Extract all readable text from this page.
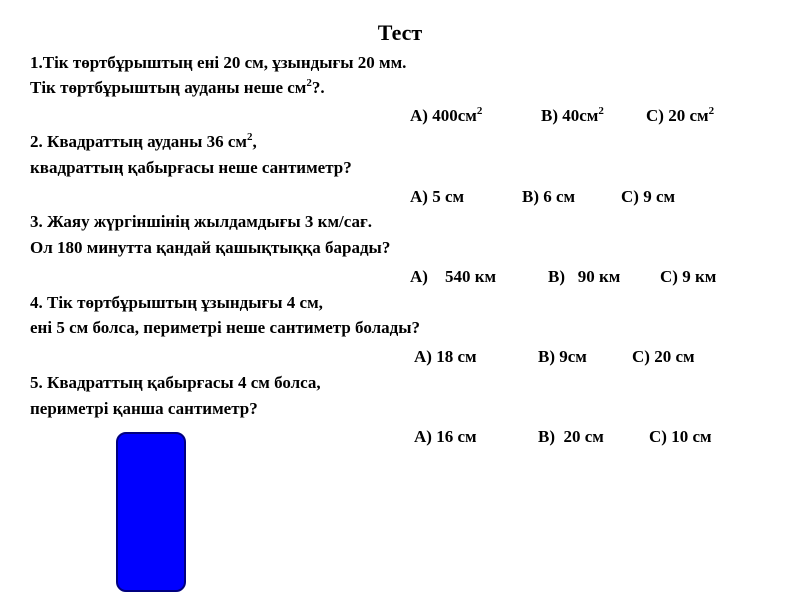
Тест
1.Тік төртбұрыштың ені 20 см, ұзындығы 20 мм.
Тік төртбұрыштың ауданы неше $см^2$?.
А) $400см^2$	В) $40см^2$ С) 20 $см^2$
2. Квадраттың ауданы 36 $см^2$,
квадраттың қабырғасы неше сантиметр?
А) 5 см	В) 6 см	С) 9 см
3. Жаяу жүргіншінің жылдамдығы 3 км/сағ.
Ол 180 минутта қандай қашықтыққа барады?
А)    540 км	В)   90 км С) 9 км
4. Тік төртбұрыштың ұзындығы 4 см,
ені 5 см болса, периметрі неше сантиметр болады?
А) 18 см	В) 9см	С) 20 см
5. Квадраттың қабырғасы 4 см болса,
периметрі қанша сантиметр?
А) 16 см	В)  20 см	С) 10 см
